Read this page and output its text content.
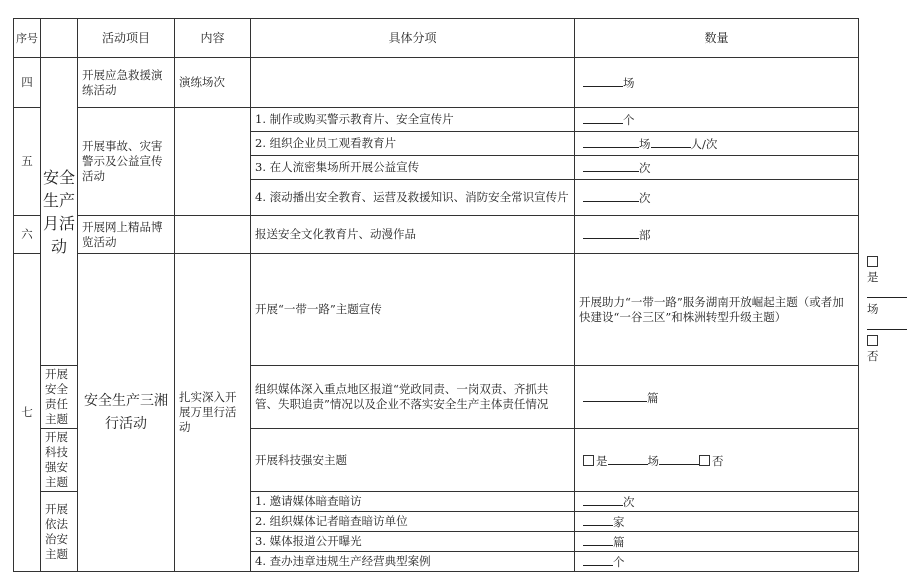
序号		活动项目	内容	具体分项	数量	
四	安全生产月活动	开展应急救援演练活动	演练场次		场	
五		开展事故、灾害警示及公益宣传活动		1. 制作或购买警示教育片、安全宣传片	个	
				2. 组织企业员工观看教育片	场 人/次	
				3. 在人流密集场所开展公益宣传	次	
				4. 滚动播出安全教育、运营及救援知识、消防安全常识宣传片	次	
六		开展网上精品博览活动		报送安全文化教育片、动漫作品	部	
七		安全生产三湘行活动	扎实深入开展万里行活动	开展“一带一路”主题宣传	开展助力“一带一路”服务湖南开放崛起主题（或者加快建设“一谷三区”和株洲转型升级主题）	是场否
	开展安全责任主题			组织媒体深入重点地区报道“党政同责、一岗双责、齐抓共管、失职追责”情况以及企业不落实安全生产主体责任情况	篇	
	开展科技强安主题			开展科技强安主题	是 场 否	
	开展依法治安主题			1. 邀请媒体暗查暗访	次	
				2. 组织媒体记者暗查暗访单位	家	
				3. 媒体报道公开曝光	篇	
				4. 查办违章违规生产经营典型案例	个	
